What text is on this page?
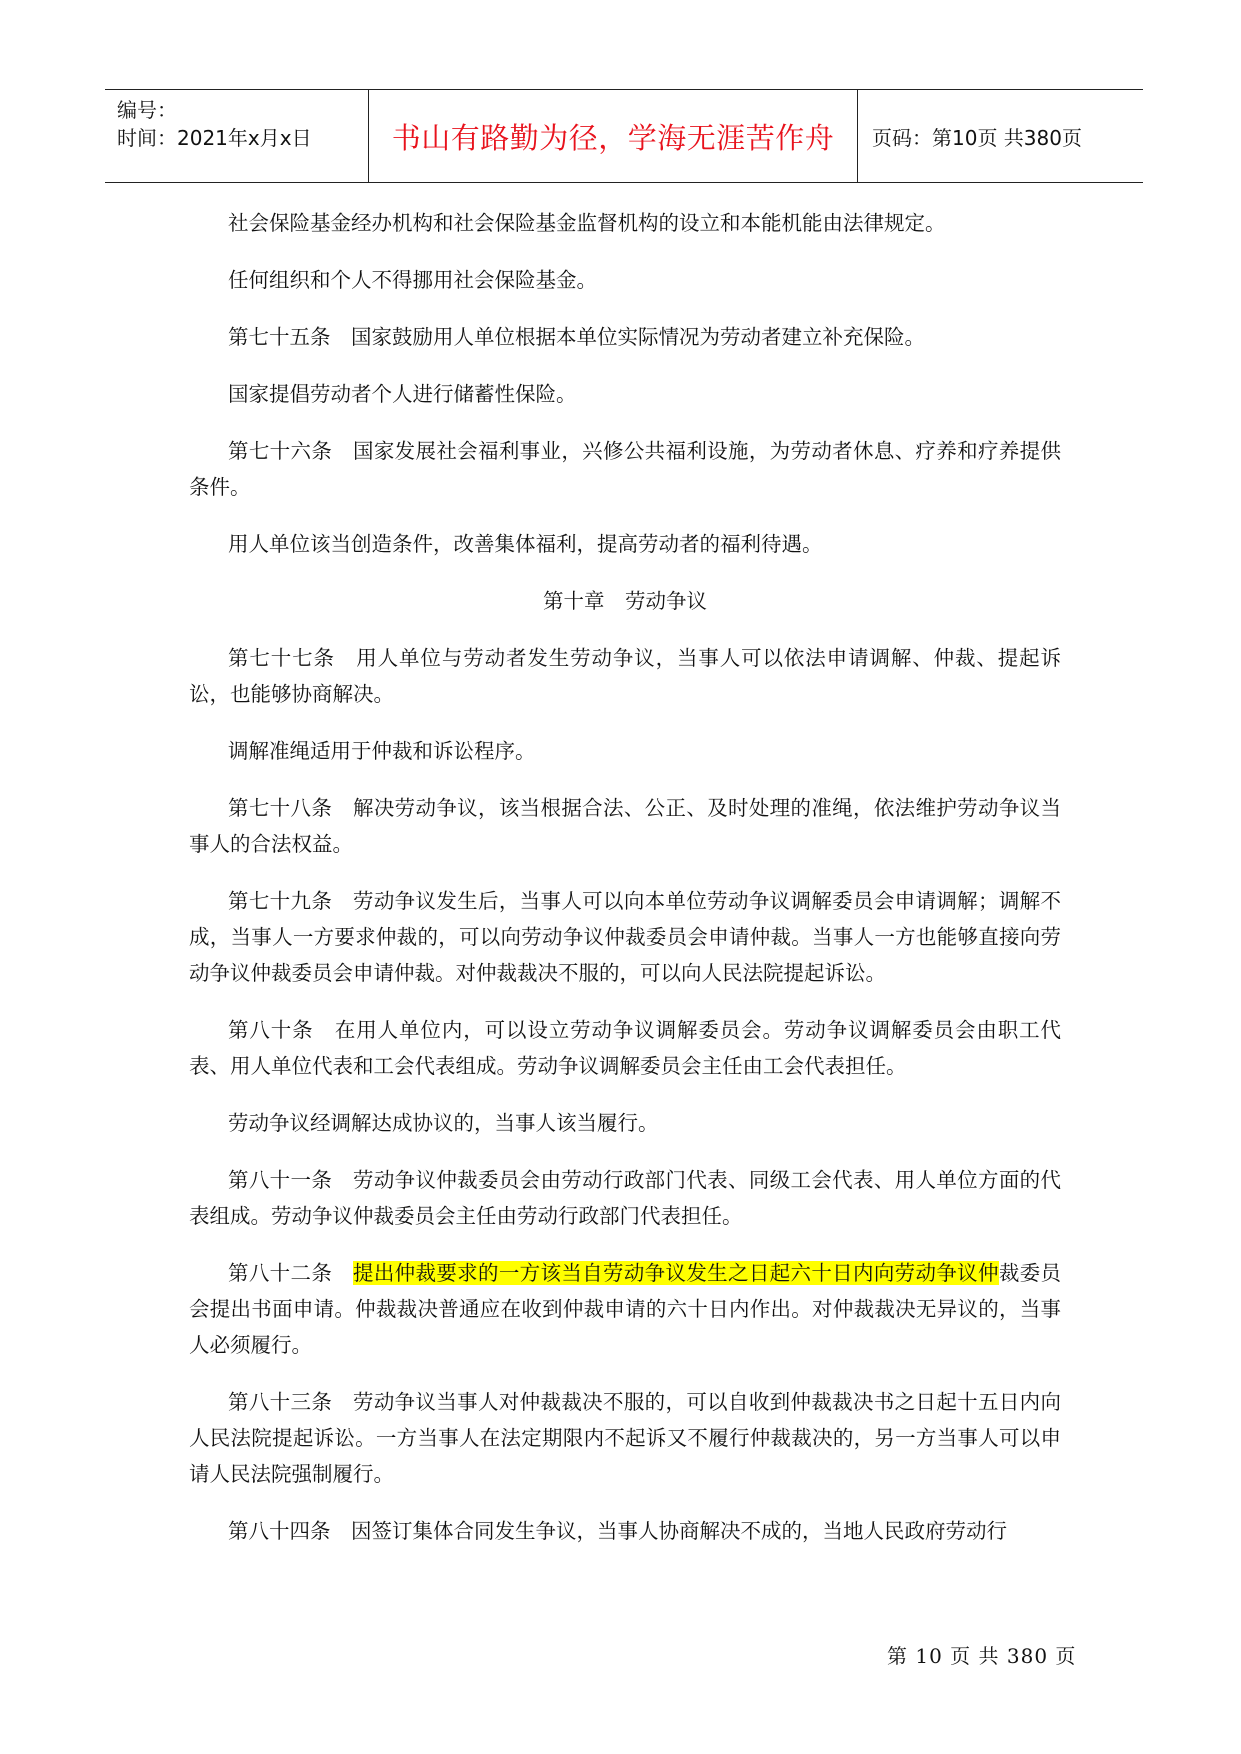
编号：
时间：2021年x月x日	书山有路勤为径，学海无涯苦作舟	页码：第10页 共380页

社会保险基金经办机构和社会保险基金监督机构的设立和本能机能由法律规定。

任何组织和个人不得挪用社会保险基金。

第七十五条　国家鼓励用人单位根据本单位实际情况为劳动者建立补充保险。

国家提倡劳动者个人进行储蓄性保险。

第七十六条　国家发展社会福利事业，兴修公共福利设施，为劳动者休息、疗养和疗养提供条件。

用人单位该当创造条件，改善集体福利，提高劳动者的福利待遇。

第十章　劳动争议

第七十七条　用人单位与劳动者发生劳动争议，当事人可以依法申请调解、仲裁、提起诉讼，也能够协商解决。

调解准绳适用于仲裁和诉讼程序。

第七十八条　解决劳动争议，该当根据合法、公正、及时处理的准绳，依法维护劳动争议当事人的合法权益。

第七十九条　劳动争议发生后，当事人可以向本单位劳动争议调解委员会申请调解；调解不成，当事人一方要求仲裁的，可以向劳动争议仲裁委员会申请仲裁。当事人一方也能够直接向劳动争议仲裁委员会申请仲裁。对仲裁裁决不服的，可以向人民法院提起诉讼。

第八十条　在用人单位内，可以设立劳动争议调解委员会。劳动争议调解委员会由职工代表、用人单位代表和工会代表组成。劳动争议调解委员会主任由工会代表担任。

劳动争议经调解达成协议的，当事人该当履行。

第八十一条　劳动争议仲裁委员会由劳动行政部门代表、同级工会代表、用人单位方面的代表组成。劳动争议仲裁委员会主任由劳动行政部门代表担任。

第八十二条　提出仲裁要求的一方该当自劳动争议发生之日起六十日内向劳动争议仲裁委员会提出书面申请。仲裁裁决普通应在收到仲裁申请的六十日内作出。对仲裁裁决无异议的，当事人必须履行。

第八十三条　劳动争议当事人对仲裁裁决不服的，可以自收到仲裁裁决书之日起十五日内向人民法院提起诉讼。一方当事人在法定期限内不起诉又不履行仲裁裁决的，另一方当事人可以申请人民法院强制履行。

第八十四条　因签订集体合同发生争议，当事人协商解决不成的，当地人民政府劳动行

第 10 页 共 380 页
